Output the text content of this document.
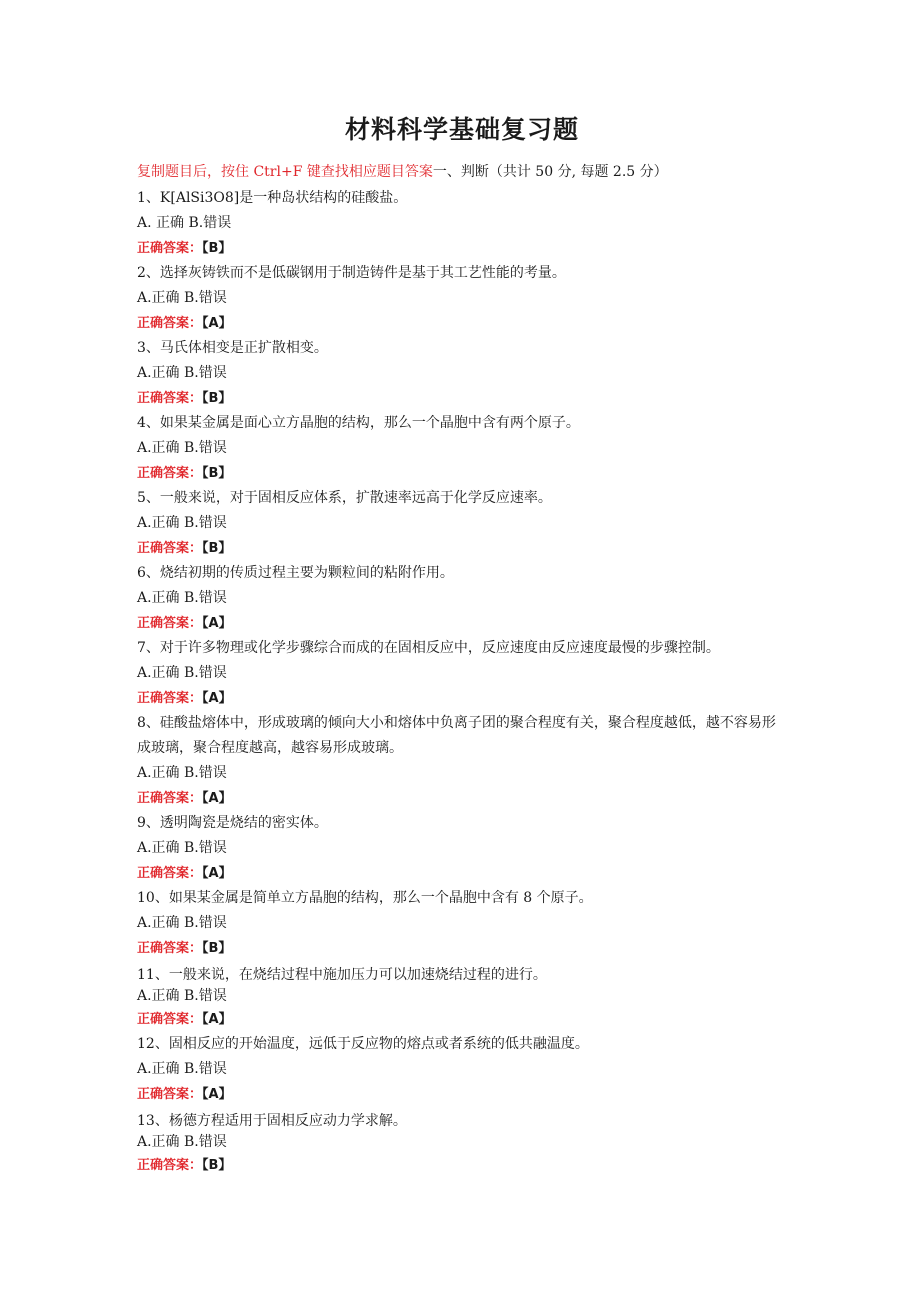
材料科学基础复习题

复制题目后，按住 Ctrl+F 键查找相应题目答案一、判断（共计 50 分, 每题 2.5 分）

1、K[AlSi3O8]是一种岛状结构的硅酸盐。

A. 正确 B.错误

正确答案：【B】

2、选择灰铸铁而不是低碳钢用于制造铸件是基于其工艺性能的考量。

A.正确 B.错误

正确答案：【A】

3、马氏体相变是正扩散相变。

A.正确 B.错误

正确答案：【B】

4、如果某金属是面心立方晶胞的结构，那么一个晶胞中含有两个原子。

A.正确 B.错误

正确答案：【B】

5、一般来说，对于固相反应体系，扩散速率远高于化学反应速率。

A.正确 B.错误

正确答案：【B】

6、烧结初期的传质过程主要为颗粒间的粘附作用。

A.正确 B.错误

正确答案：【A】

7、对于许多物理或化学步骤综合而成的在固相反应中，反应速度由反应速度最慢的步骤控制。

A.正确 B.错误

正确答案：【A】

8、硅酸盐熔体中，形成玻璃的倾向大小和熔体中负离子团的聚合程度有关，聚合程度越低，越不容易形成玻璃，聚合程度越高，越容易形成玻璃。

A.正确 B.错误

正确答案：【A】

9、透明陶瓷是烧结的密实体。

A.正确 B.错误

正确答案：【A】

10、如果某金属是简单立方晶胞的结构，那么一个晶胞中含有 8 个原子。

A.正确 B.错误

正确答案：【B】

11、一般来说，在烧结过程中施加压力可以加速烧结过程的进行。

A.正确 B.错误

正确答案：【A】

12、固相反应的开始温度，远低于反应物的熔点或者系统的低共融温度。

A.正确 B.错误

正确答案：【A】

13、杨德方程适用于固相反应动力学求解。

A.正确 B.错误

正确答案：【B】
